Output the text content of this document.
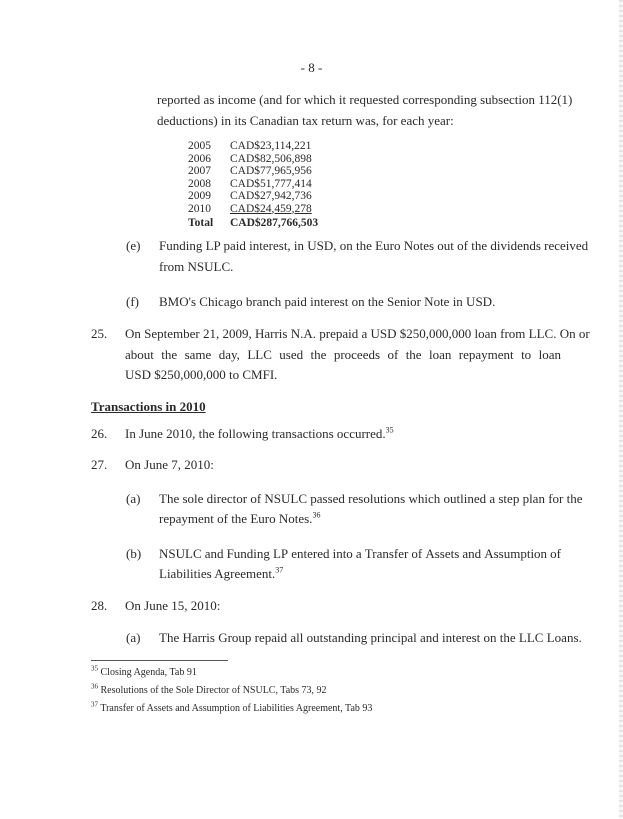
- 8 -
reported as income (and for which it requested corresponding subsection 112(1)
deductions) in its Canadian tax return was, for each year:
2005	CAD$23,114,221
2006	CAD$82,506,898
2007	CAD$77,965,956
2008	CAD$51,777,414
2009	CAD$27,942,736
2010	CAD$24,459,278
Total	CAD$287,766,503
(e) Funding LP paid interest, in USD, on the Euro Notes out of the dividends received
from NSULC.
(f) BMO's Chicago branch paid interest on the Senior Note in USD.
25. On September 21, 2009, Harris N.A. prepaid a USD $250,000,000 loan from LLC. On or
about the same day, LLC used the proceeds of the loan repayment to loan
USD $250,000,000 to CMFI.
Transactions in 2010
26. In June 2010, the following transactions occurred.$^{35}$
27. On June 7, 2010:
(a) The sole director of NSULC passed resolutions which outlined a step plan for the
repayment of the Euro Notes.$^{36}$
(b) NSULC and Funding LP entered into a Transfer of Assets and Assumption of
Liabilities Agreement.$^{37}$
28. On June 15, 2010:
(a) The Harris Group repaid all outstanding principal and interest on the LLC Loans.
$^{35}$ Closing Agenda, Tab 91
$^{36}$ Resolutions of the Sole Director of NSULC, Tabs 73, 92
$^{37}$ Transfer of Assets and Assumption of Liabilities Agreement, Tab 93
